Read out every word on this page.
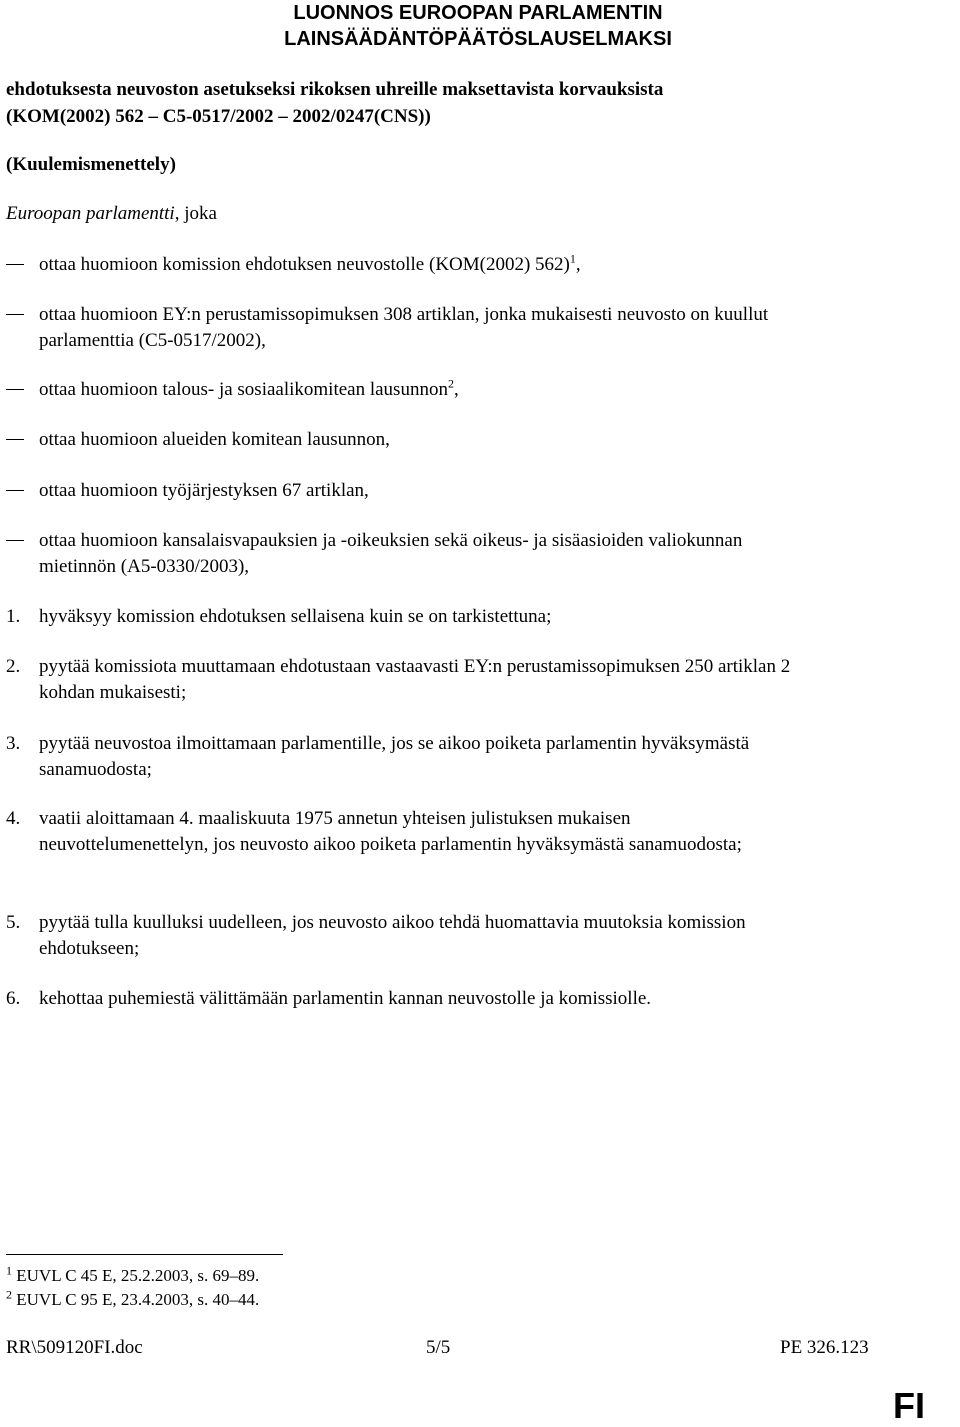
LUONNOS EUROOPAN PARLAMENTIN
LAINSÄÄDÄNTÖPÄÄTÖSLAUSELMAKSI
ehdotuksesta neuvoston asetukseksi rikoksen uhreille maksettavista korvauksista
(KOM(2002) 562 – C5-0517/2002 – 2002/0247(CNS))
(Kuulemismenettely)
Euroopan parlamentti, joka
ottaa huomioon komission ehdotuksen neuvostolle (KOM(2002) 562)$^1$,
ottaa huomioon EY:n perustamissopimuksen 308 artiklan, jonka mukaisesti neuvosto on kuullut parlamenttia (C5-0517/2002),
ottaa huomioon talous- ja sosiaalikomitean lausunnon$^2$,
ottaa huomioon alueiden komitean lausunnon,
ottaa huomioon työjärjestyksen 67 artiklan,
ottaa huomioon kansalaisvapauksien ja -oikeuksien sekä oikeus- ja sisäasioiden valiokunnan mietinnön (A5-0330/2003),
1. hyväksyy komission ehdotuksen sellaisena kuin se on tarkistettuna;
2. pyytää komissiota muuttamaan ehdotustaan vastaavasti EY:n perustamissopimuksen 250 artiklan 2 kohdan mukaisesti;
3. pyytää neuvostoa ilmoittamaan parlamentille, jos se aikoo poiketa parlamentin hyväksymästä sanamuodosta;
4. vaatii aloittamaan 4. maaliskuuta 1975 annetun yhteisen julistuksen mukaisen neuvottelumenettelyn, jos neuvosto aikoo poiketa parlamentin hyväksymästä sanamuodosta;
5. pyytää tulla kuulluksi uudelleen, jos neuvosto aikoo tehdä huomattavia muutoksia komission ehdotukseen;
6. kehottaa puhemiestä välittämään parlamentin kannan neuvostolle ja komissiolle.
$^1$ EUVL C 45 E, 25.2.2003, s. 69–89.
$^2$ EUVL C 95 E, 23.4.2003, s. 40–44.
RR\509120FI.doc	5/5	PE 326.123
FI
